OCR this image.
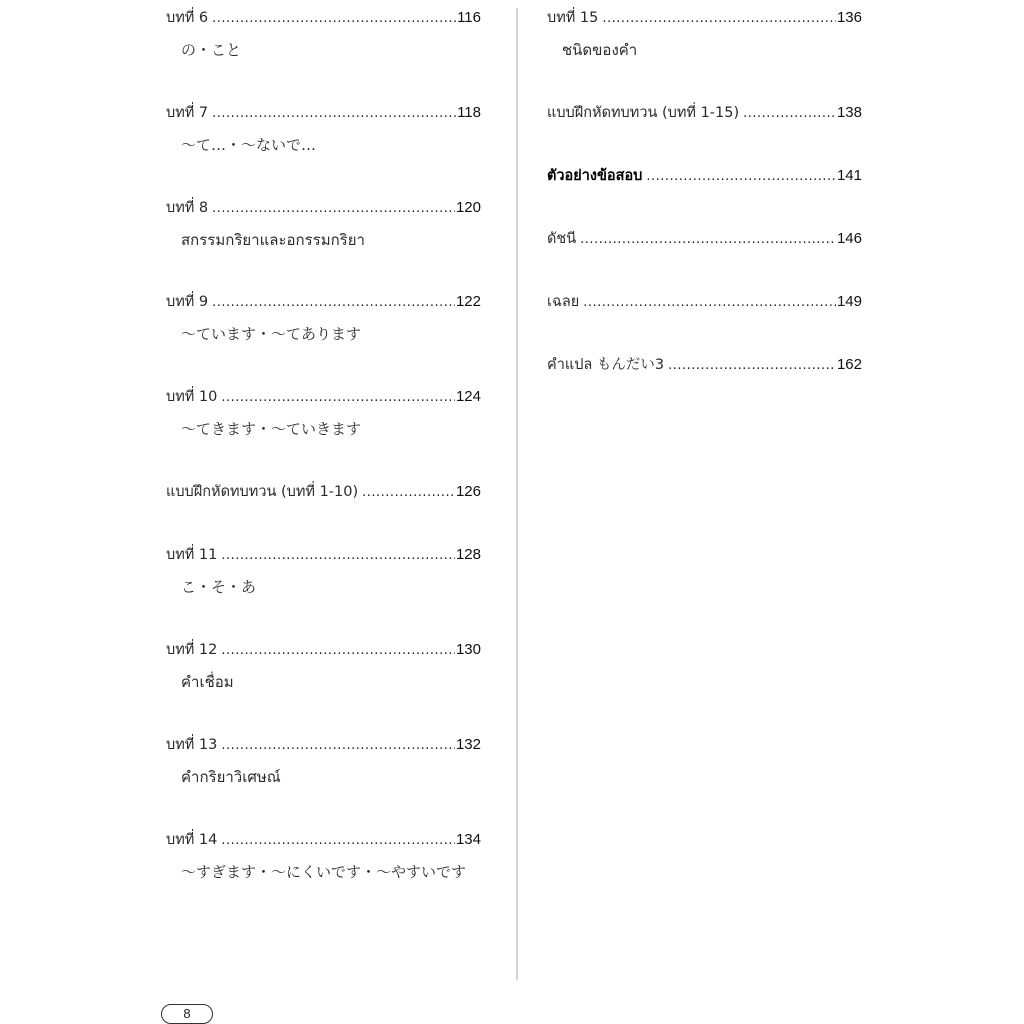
บทที่ 6 .....	116
の・こと
บทที่ 7 .....	118
〜て…・〜ないで…
บทที่ 8 .....	120
สกรรมกริยาและอกรรมกริยา
บทที่ 9 .....	122
〜ています・〜てあります
บทที่ 10 .....	124
〜てきます・〜ていきます
แบบฝึกหัดทบทวน (บทที่ 1-10) .....	126
บทที่ 11 .....	128
こ・そ・あ
บทที่ 12 .....	130
คำเชื่อม
บทที่ 13 .....	132
คำกริยาวิเศษณ์
บทที่ 14 .....	134
〜すぎます・〜にくいです・〜やすいです
บทที่ 15 .....	136
ชนิดของคำ
แบบฝึกหัดทบทวน (บทที่ 1-15) .....	138
ตัวอย่างข้อสอบ .....	141
ดัชนี .....	146
เฉลย .....	149
คำแปล もんだい3 .....	162
8
